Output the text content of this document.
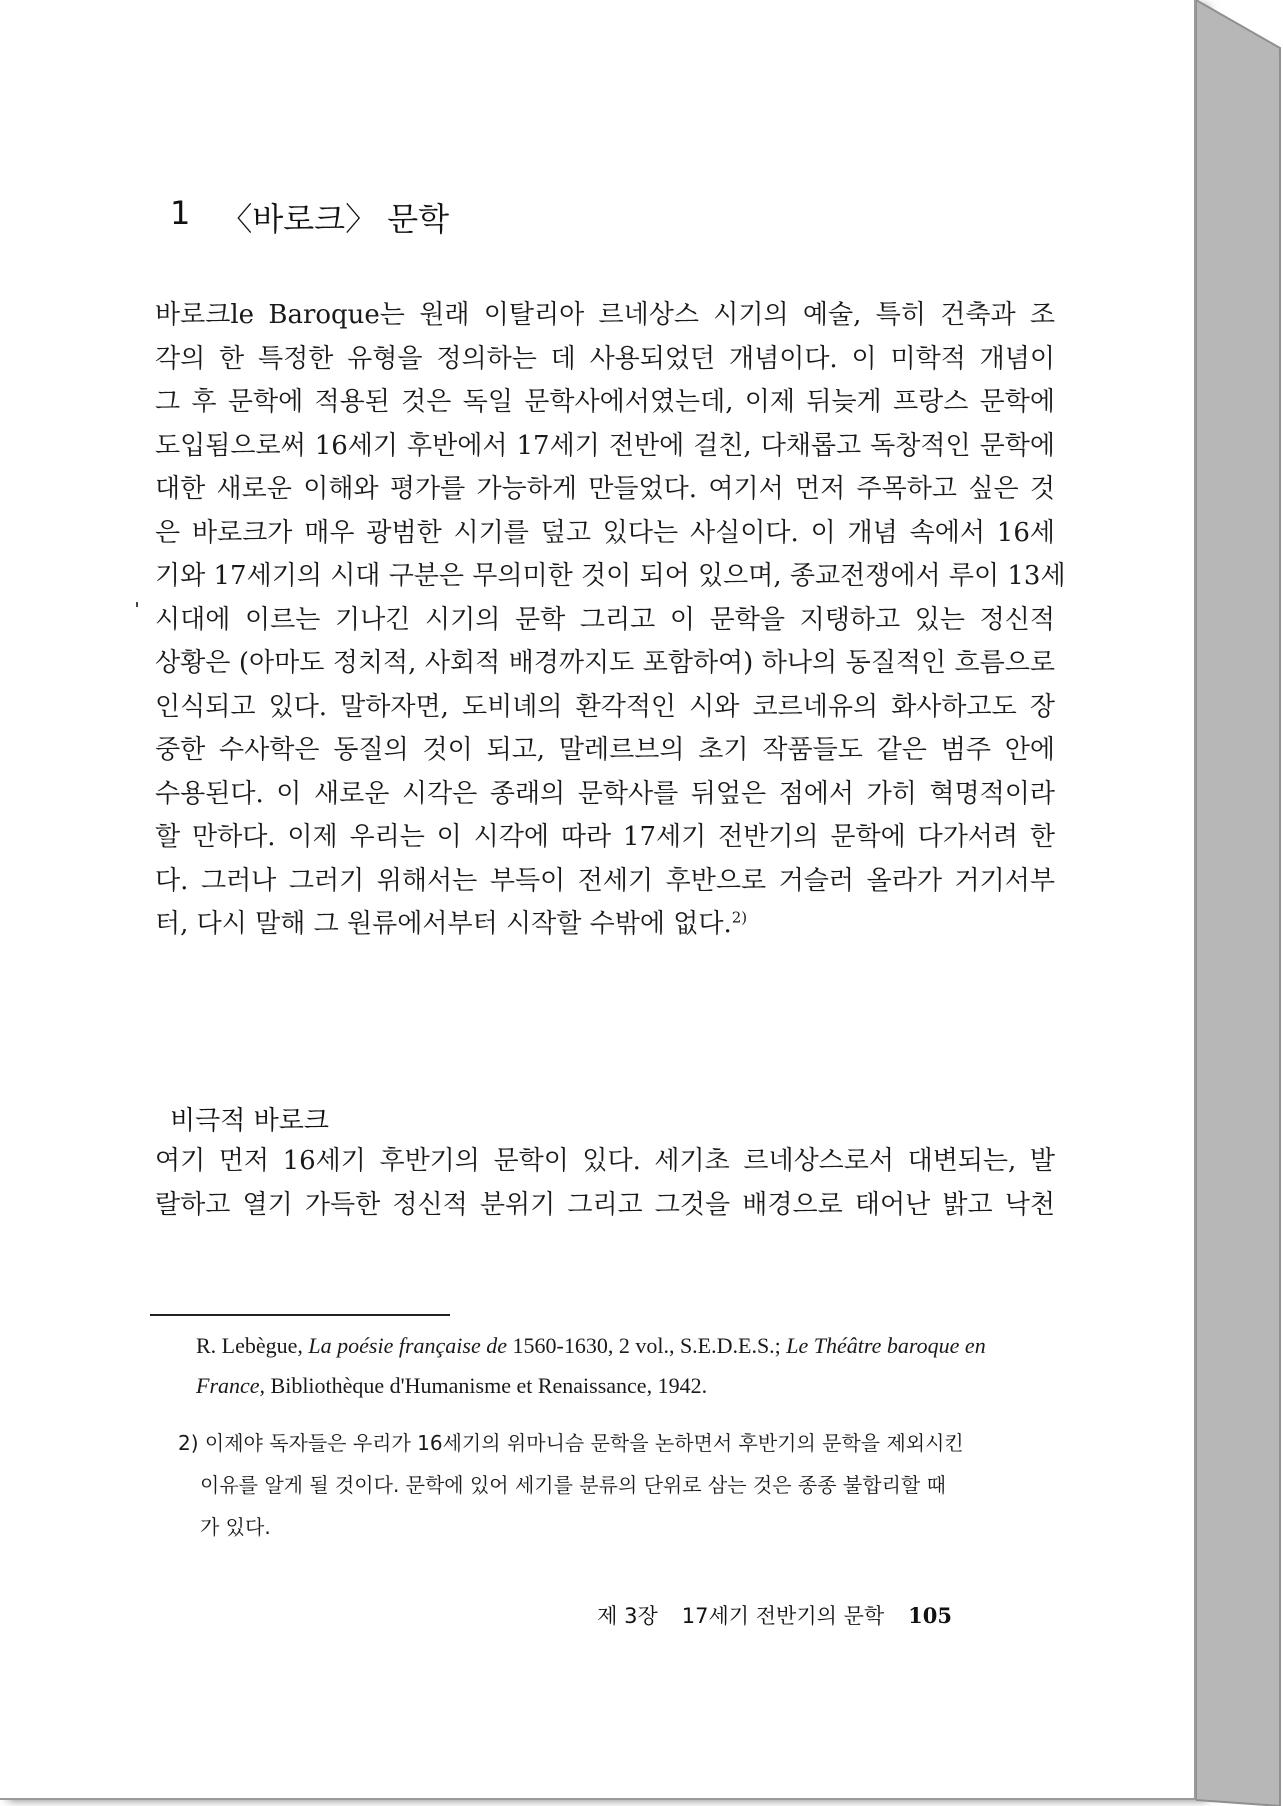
1 〈바로크〉 문학
바로크le Baroque는 원래 이탈리아 르네상스 시기의 예술, 특히 건축과 조
각의 한 특정한 유형을 정의하는 데 사용되었던 개념이다. 이 미학적 개념이
그 후 문학에 적용된 것은 독일 문학사에서였는데, 이제 뒤늦게 프랑스 문학에
도입됨으로써 16세기 후반에서 17세기 전반에 걸친, 다채롭고 독창적인 문학에
대한 새로운 이해와 평가를 가능하게 만들었다. 여기서 먼저 주목하고 싶은 것
은 바로크가 매우 광범한 시기를 덮고 있다는 사실이다. 이 개념 속에서 16세
기와 17세기의 시대 구분은 무의미한 것이 되어 있으며, 종교전쟁에서 루이 13세
시대에 이르는 기나긴 시기의 문학 그리고 이 문학을 지탱하고 있는 정신적
상황은 (아마도 정치적, 사회적 배경까지도 포함하여) 하나의 동질적인 흐름으로
인식되고 있다. 말하자면, 도비녜의 환각적인 시와 코르네유의 화사하고도 장
중한 수사학은 동질의 것이 되고, 말레르브의 초기 작품들도 같은 범주 안에
수용된다. 이 새로운 시각은 종래의 문학사를 뒤엎은 점에서 가히 혁명적이라
할 만하다. 이제 우리는 이 시각에 따라 17세기 전반기의 문학에 다가서려 한
다. 그러나 그러기 위해서는 부득이 전세기 후반으로 거슬러 올라가 거기서부
터, 다시 말해 그 원류에서부터 시작할 수밖에 없다.$^{2)}$
비극적 바로크
여기 먼저 16세기 후반기의 문학이 있다. 세기초 르네상스로서 대변되는, 발
랄하고 열기 가득한 정신적 분위기 그리고 그것을 배경으로 태어난 밝고 낙천

R. Lebègue, La poésie française de 1560-1630, 2 vol., S.E.D.E.S.; Le Théâtre baroque en France, Bibliothèque d'Humanisme et Renaissance, 1942.

2) 이제야 독자들은 우리가 16세기의 위마니슴 문학을 논하면서 후반기의 문학을 제외시킨
이유를 알게 될 것이다. 문학에 있어 세기를 분류의 단위로 삼는 것은 종종 불합리할 때
가 있다.

제 3장 17세기 전반기의 문학 105
